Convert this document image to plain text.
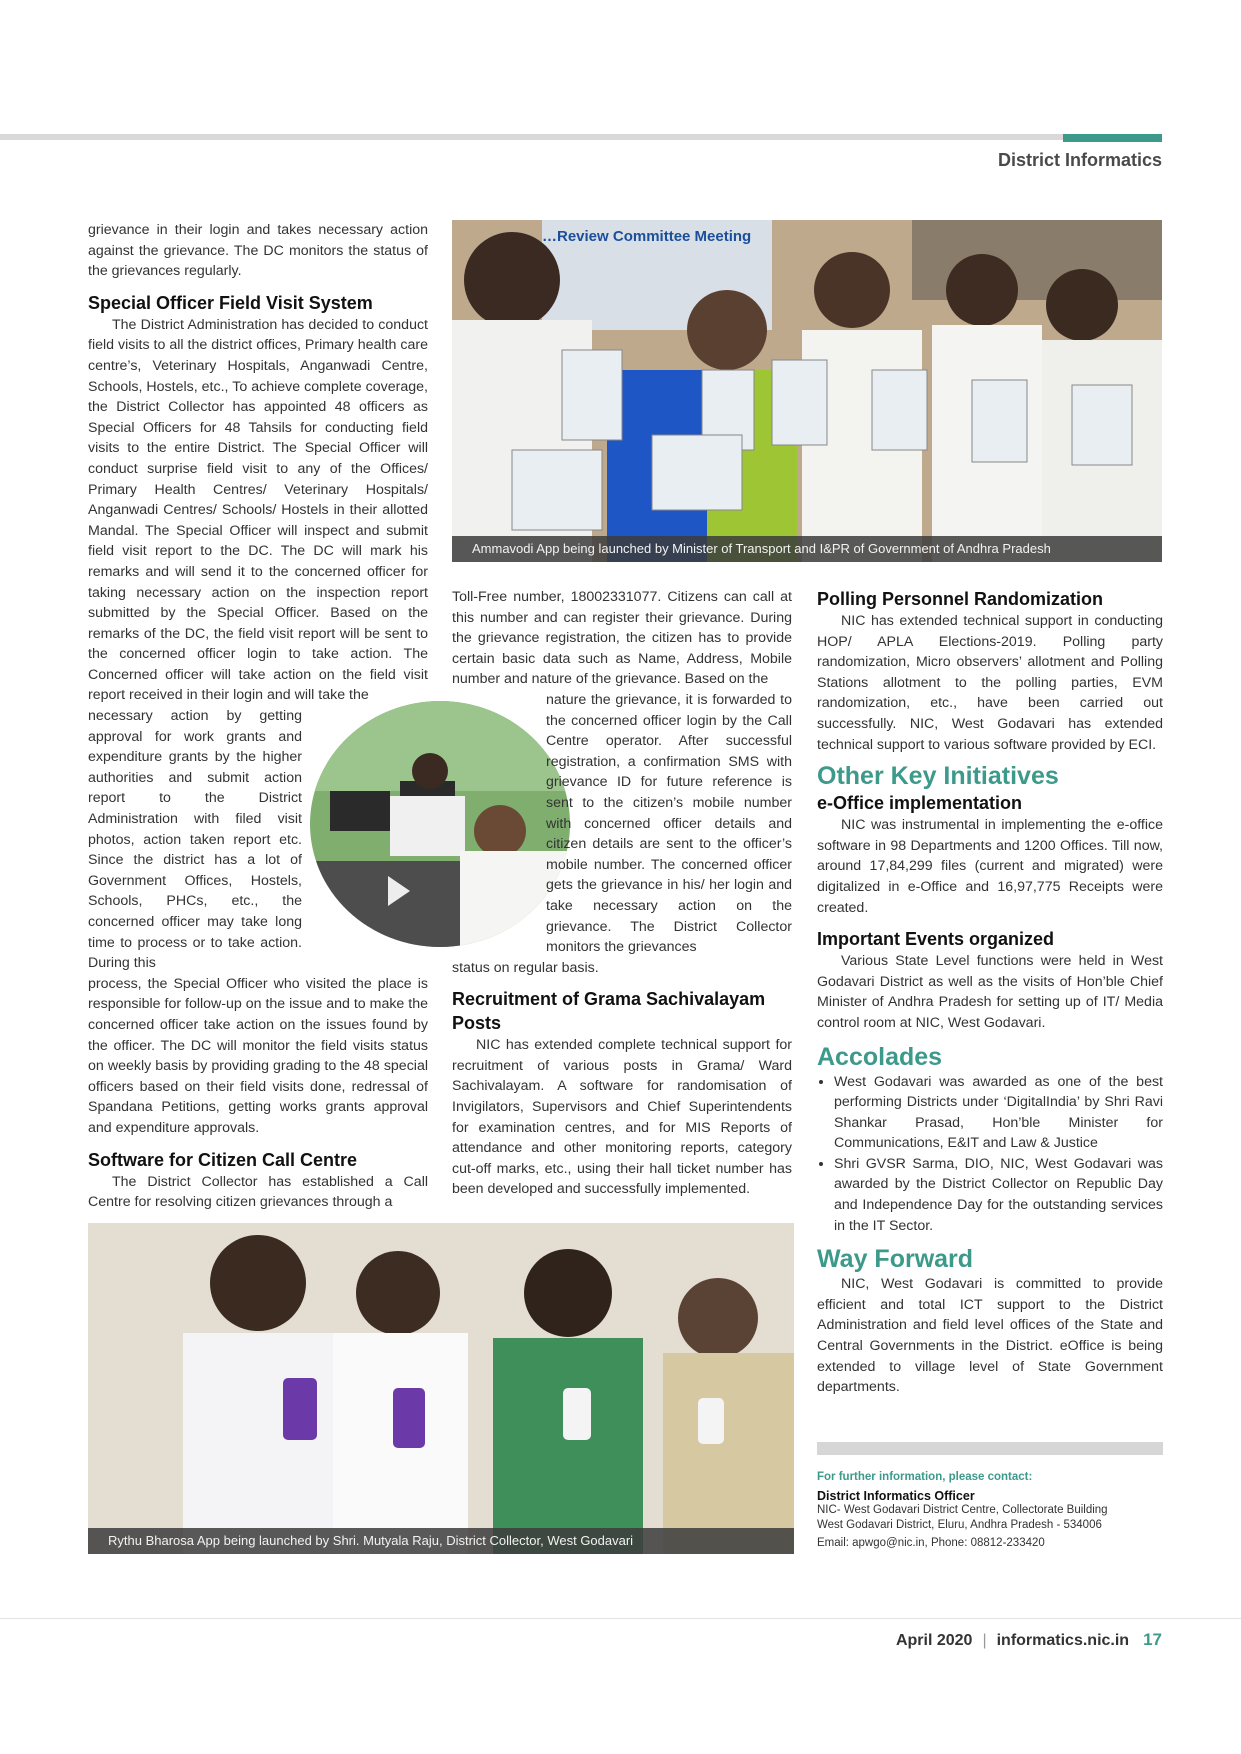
District Informatics
…Review Committee Meeting
Ammavodi App being launched by Minister of Transport and I&PR of Government of Andhra Pradesh

grievance in their login and takes necessary action against the grievance. The DC monitors the status of the grievances regularly.

Special Officer Field Visit System

The District Administration has decided to conduct field visits to all the district offices, Primary health care centre’s, Veterinary Hospitals, Anganwadi Centre, Schools, Hostels, etc., To achieve complete coverage, the District Collector has appointed 48 officers as Special Officers for 48 Tahsils for conducting field visits to the entire District. The Special Officer will conduct surprise field visit to any of the Offices/ Primary Health Centres/ Veterinary Hospitals/ Anganwadi Centres/ Schools/ Hostels in their allotted Mandal. The Special Officer will inspect and submit field visit report to the DC. The DC will mark his remarks and will send it to the concerned officer for taking necessary action on the inspection report submitted by the Special Officer. Based on the remarks of the DC, the field visit report will be sent to the concerned officer login to take action. The Concerned officer will take action on the field visit report received in their login and will take the

necessary action by getting approval for work grants and expenditure grants by the higher authorities and submit action report to the District Administration with filed visit photos, action taken report etc. Since the district has a lot of Government Offices, Hostels, Schools, PHCs, etc., the concerned officer may take long time to process or to take action. During this

process, the Special Officer who visited the place is responsible for follow-up on the issue and to make the concerned officer take action on the issues found by the officer. The DC will monitor the field visits status on weekly basis by providing grading to the 48 special officers based on their field visits done, redressal of Spandana Petitions, getting works grants approval and expenditure approvals.

Software for Citizen Call Centre

The District Collector has established a Call Centre for resolving citizen grievances through a

Toll-Free number, 18002331077. Citizens can call at this number and can register their grievance. During the grievance registration, the citizen has to provide certain basic data such as Name, Address, Mobile number and nature of the grievance. Based on the

nature the grievance, it is forwarded to the concerned officer login by the Call Centre operator. After successful registration, a confirmation SMS with grievance ID for future reference is sent to the citizen’s mobile number with concerned officer details and citizen details are sent to the officer’s mobile number. The concerned officer gets the grievance in his/ her login and take necessary action on the grievance. The District Collector monitors the grievances

status on regular basis.

Recruitment of Grama Sachivalayam Posts

NIC has extended complete technical support for recruitment of various posts in Grama/ Ward Sachivalayam. A software for randomisation of Invigilators, Supervisors and Chief Superintendents for examination centres, and for MIS Reports of attendance and other monitoring reports, category cut-off marks, etc., using their hall ticket number has been developed and successfully implemented.

Polling Personnel Randomization

NIC has extended technical support in conducting HOP/ APLA Elections-2019. Polling party randomization, Micro observers’ allotment and Polling Stations allotment to the polling parties, EVM randomization, etc., have been carried out successfully. NIC, West Godavari has extended technical support to various software provided by ECI.

Other Key Initiatives
e-Office implementation

NIC was instrumental in implementing the e-office software in 98 Departments and 1200 Offices. Till now, around 17,84,299 files (current and migrated) were digitalized in e-Office and 16,97,775 Receipts were created.

Important Events organized

Various State Level functions were held in West Godavari District as well as the visits of Hon’ble Chief Minister of Andhra Pradesh for setting up of IT/ Media control room at NIC, West Godavari.

Accolades
• West Godavari was awarded as one of the best performing Districts under ‘DigitalIndia’ by Shri Ravi Shankar Prasad, Hon’ble Minister for Communications, E&IT and Law & Justice
• Shri GVSR Sarma, DIO, NIC, West Godavari was awarded by the District Collector on Republic Day and Independence Day for the outstanding services in the IT Sector.
Way Forward

NIC, West Godavari is committed to provide efficient and total ICT support to the District Administration and field level offices of the State and Central Governments in the District. eOffice is being extended to village level of State Government departments.

Rythu Bharosa App being launched by Shri. Mutyala Raju, District Collector, West Godavari
For further information, please contact:
District Informatics Officer
NIC- West Godavari District Centre, Collectorate Building
West Godavari District, Eluru, Andhra Pradesh - 534006
Email: apwgo@nic.in, Phone: 08812-233420
April 2020 | informatics.nic.in 17
